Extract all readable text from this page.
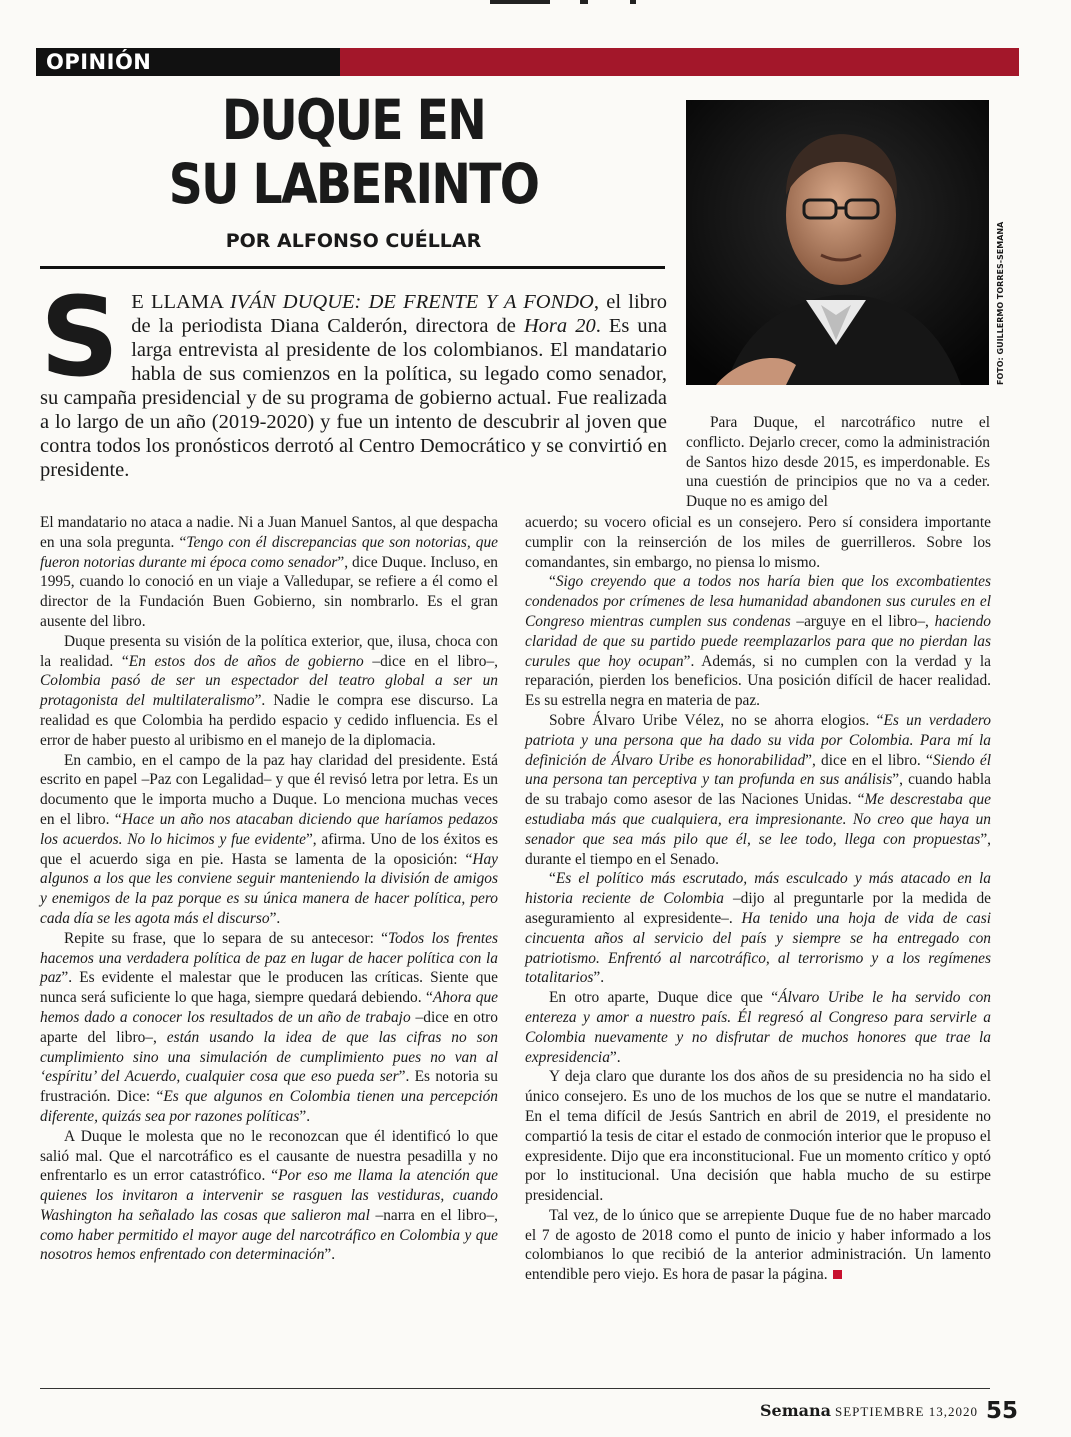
OPINIÓN
DUQUE EN
SU LABERINTO

POR ALFONSO CUÉLLAR	FOTO: GUILLERMO TORRES-SEMANA

S E LLAMA IVÁN DUQUE: DE FRENTE Y A FONDO, el libro de la periodista Diana Calderón, directora de Hora 20. Es una larga entrevista al presidente de los colombianos. El mandatario habla de sus comienzos en la política, su legado como senador, su campaña presidencial y de su programa de gobierno actual. Fue realizada a lo largo de un año (2019-2020) y fue un intento de descubrir al joven que contra todos los pronósticos derrotó al Centro Democrático y se convirtió en presidente.

El mandatario no ataca a nadie. Ni a Juan Manuel Santos, al que despacha en una sola pregunta. “Tengo con él discrepancias que son notorias, que fueron notorias durante mi época como senador”, dice Duque. Incluso, en 1995, cuando lo conoció en un viaje a Valledupar, se refiere a él como el director de la Fundación Buen Gobierno, sin nombrarlo. Es el gran ausente del libro.

Duque presenta su visión de la política exterior, que, ilusa, choca con la realidad. “En estos dos de años de gobierno –dice en el libro–, Colombia pasó de ser un espectador del teatro global a ser un protagonista del multilateralismo”. Nadie le compra ese discurso. La realidad es que Colombia ha perdido espacio y cedido influencia. Es el error de haber puesto al uribismo en el manejo de la diplomacia.

En cambio, en el campo de la paz hay claridad del presidente. Está escrito en papel –Paz con Legalidad– y que él revisó letra por letra. Es un documento que le importa mucho a Duque. Lo menciona muchas veces en el libro. “Hace un año nos atacaban diciendo que haríamos pedazos los acuerdos. No lo hicimos y fue evidente”, afirma. Uno de los éxitos es que el acuerdo siga en pie. Hasta se lamenta de la oposición: “Hay algunos a los que les conviene seguir manteniendo la división de amigos y enemigos de la paz porque es su única manera de hacer política, pero cada día se les agota más el discurso”.

Repite su frase, que lo separa de su antecesor: “Todos los frentes hacemos una verdadera política de paz en lugar de hacer política con la paz”. Es evidente el malestar que le producen las críticas. Siente que nunca será suficiente lo que haga, siempre quedará debiendo. “Ahora que hemos dado a conocer los resultados de un año de trabajo –dice en otro aparte del libro–, están usando la idea de que las cifras no son cumplimiento sino una simulación de cumplimiento pues no van al ‘espíritu’ del Acuerdo, cualquier cosa que eso pueda ser”. Es notoria su frustración. Dice: “Es que algunos en Colombia tienen una percepción diferente, quizás sea por razones políticas”.

A Duque le molesta que no le reconozcan que él identificó lo que salió mal. Que el narcotráfico es el causante de nuestra pesadilla y no enfrentarlo es un error catastrófico. “Por eso me llama la atención que quienes los invitaron a intervenir se rasguen las vestiduras, cuando Washington ha señalado las cosas que salieron mal –narra en el libro–, como haber permitido el mayor auge del narcotráfico en Colombia y que nosotros hemos enfrentado con determinación”.

Para Duque, el narcotráfico nutre el conflicto. Dejarlo crecer, como la administración de Santos hizo desde 2015, es imperdonable. Es una cuestión de principios que no va a ceder. Duque no es amigo del

acuerdo; su vocero oficial es un consejero. Pero sí considera importante cumplir con la reinserción de los miles de guerrilleros. Sobre los comandantes, sin embargo, no piensa lo mismo.

“Sigo creyendo que a todos nos haría bien que los excombatientes condenados por crímenes de lesa humanidad abandonen sus curules en el Congreso mientras cumplen sus condenas –arguye en el libro–, haciendo claridad de que su partido puede reemplazarlos para que no pierdan las curules que hoy ocupan”. Además, si no cumplen con la verdad y la reparación, pierden los beneficios. Una posición difícil de hacer realidad. Es su estrella negra en materia de paz.

Sobre Álvaro Uribe Vélez, no se ahorra elogios. “Es un verdadero patriota y una persona que ha dado su vida por Colombia. Para mí la definición de Álvaro Uribe es honorabilidad”, dice en el libro. “Siendo él una persona tan perceptiva y tan profunda en sus análisis”, cuando habla de su trabajo como asesor de las Naciones Unidas. “Me descrestaba que estudiaba más que cualquiera, era impresionante. No creo que haya un senador que sea más pilo que él, se lee todo, llega con propuestas”, durante el tiempo en el Senado.

“Es el político más escrutado, más esculcado y más atacado en la historia reciente de Colombia –dijo al preguntarle por la medida de aseguramiento al expresidente–. Ha tenido una hoja de vida de casi cincuenta años al servicio del país y siempre se ha entregado con patriotismo. Enfrentó al narcotráfico, al terrorismo y a los regímenes totalitarios”.

En otro aparte, Duque dice que “Álvaro Uribe le ha servido con entereza y amor a nuestro país. Él regresó al Congreso para servirle a Colombia nuevamente y no disfrutar de muchos honores que trae la expresidencia”.

Y deja claro que durante los dos años de su presidencia no ha sido el único consejero. Es uno de los muchos de los que se nutre el mandatario. En el tema difícil de Jesús Santrich en abril de 2019, el presidente no compartió la tesis de citar el estado de conmoción interior que le propuso el expresidente. Dijo que era inconstitucional. Fue un momento crítico y optó por lo institucional. Una decisión que habla mucho de su estirpe presidencial.

Tal vez, de lo único que se arrepiente Duque fue de no haber marcado el 7 de agosto de 2018 como el punto de inicio y haber informado a los colombianos lo que recibió de la anterior administración. Un lamento entendible pero viejo. Es hora de pasar la página.

Semana SEPTIEMBRE 13,2020 55
